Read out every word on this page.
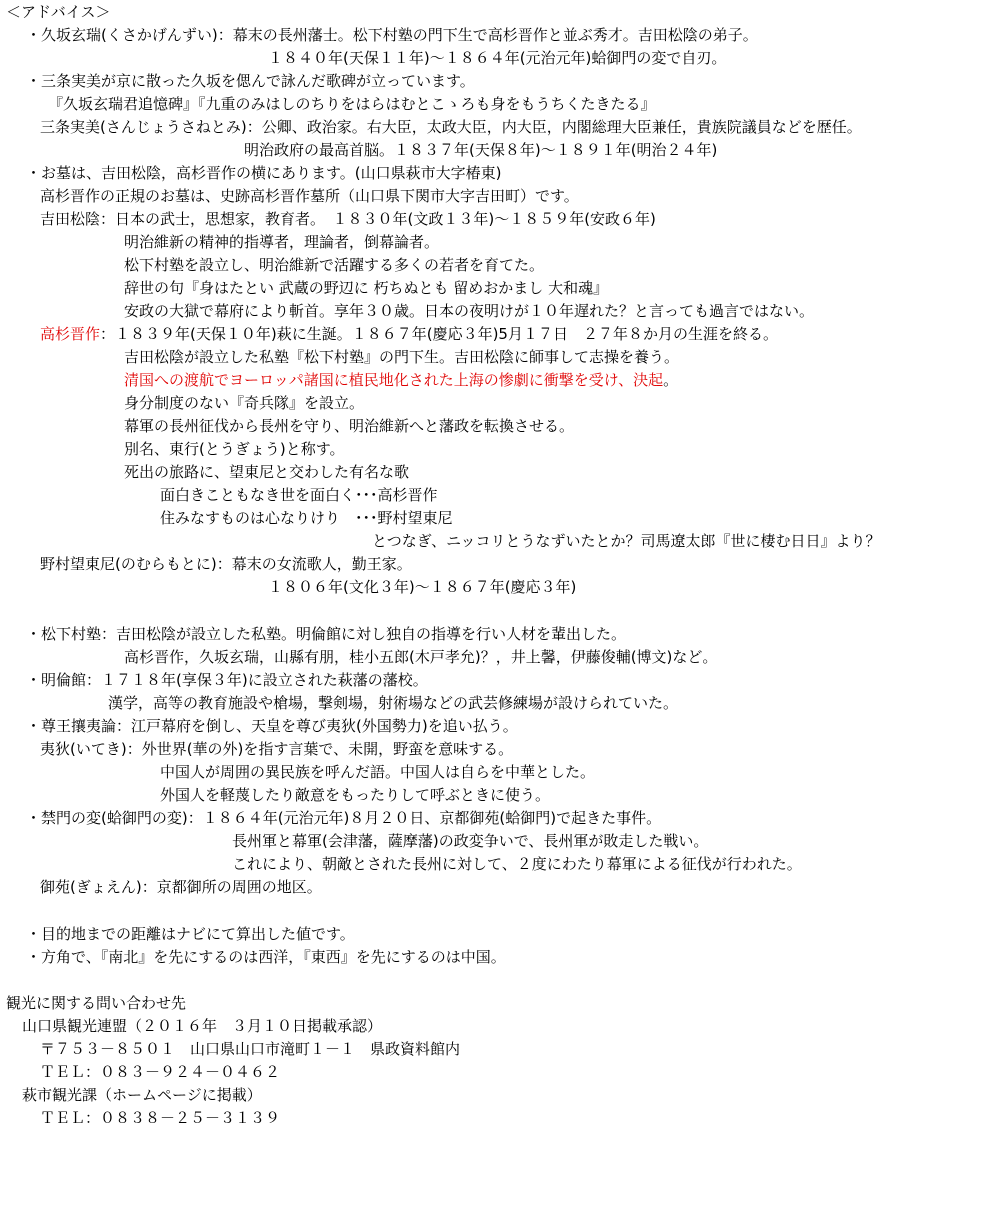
＜アドバイス＞
・久坂玄瑞(くさかげんずい)：幕末の長州藩士。松下村塾の門下生で高杉晋作と並ぶ秀才。吉田松陰の弟子。
１８４０年(天保１１年)～１８６４年(元治元年)蛤御門の変で自刃。
・三条実美が京に散った久坂を偲んで詠んだ歌碑が立っています。
『久坂玄瑞君追憶碑』『九重のみはしのちりをはらはむとこゝろも身をもうちくたきたる』
三条実美(さんじょうさねとみ)：公卿、政治家。右大臣，太政大臣，内大臣，内閣総理大臣兼任，貴族院議員などを歴任。
明治政府の最高首脳。１８３７年(天保８年)～１８９１年(明治２４年)
・お墓は、吉田松陰，高杉晋作の横にあります。(山口県萩市大字椿東)
高杉晋作の正規のお墓は、史跡高杉晋作墓所（山口県下関市大字吉田町）です。
吉田松陰：日本の武士，思想家，教育者。　１８３０年(文政１３年)～１８５９年(安政６年)
明治維新の精神的指導者，理論者，倒幕論者。
松下村塾を設立し、明治維新で活躍する多くの若者を育てた。
辞世の句『身はたとい 武蔵の野辺に 朽ちぬとも 留めおかまし 大和魂』
安政の大獄で幕府により斬首。享年３０歳。日本の夜明けが１０年遅れた？と言っても過言ではない。
高杉晋作：１８３９年(天保１０年)萩に生誕。１８６７年(慶応３年)5月１７日　２７年８か月の生涯を終る。
吉田松陰が設立した私塾『松下村塾』の門下生。吉田松陰に師事して志操を養う。
清国への渡航でヨーロッパ諸国に植民地化された上海の惨劇に衝撃を受け、決起。
身分制度のない『奇兵隊』を設立。
幕軍の長州征伐から長州を守り、明治維新へと藩政を転換させる。
別名、東行(とうぎょう)と称す。
死出の旅路に、望東尼と交わした有名な歌
面白きこともなき世を面白く･･･高杉晋作
住みなすものは心なりけり　･･･野村望東尼
とつなぎ、ニッコリとうなずいたとか？司馬遼太郎『世に棲む日日』より？
野村望東尼(のむらもとに)：幕末の女流歌人，勤王家。
１８０６年(文化３年)～１８６７年(慶応３年)
・松下村塾：吉田松陰が設立した私塾。明倫館に対し独自の指導を行い人材を輩出した。
高杉晋作，久坂玄瑞，山縣有朋，桂小五郎(木戸孝允)？，井上馨，伊藤俊輔(博文)など。
・明倫館：１７１８年(享保３年)に設立された萩藩の藩校。
漢学，高等の教育施設や槍場，撃剣場，射術場などの武芸修練場が設けられていた。
・尊王攘夷論：江戸幕府を倒し、天皇を尊び夷狄(外国勢力)を追い払う。
夷狄(いてき)：外世界(華の外)を指す言葉で、未開，野蛮を意味する。
中国人が周囲の異民族を呼んだ語。中国人は自らを中華とした。
外国人を軽蔑したり敵意をもったりして呼ぶときに使う。
・禁門の変(蛤御門の変)：１８６４年(元治元年)８月２０日、京都御苑(蛤御門)で起きた事件。
長州軍と幕軍(会津藩，薩摩藩)の政変争いで、長州軍が敗走した戦い。
これにより、朝敵とされた長州に対して、２度にわたり幕軍による征伐が行われた。
御苑(ぎょえん)：京都御所の周囲の地区。
・目的地までの距離はナビにて算出した値です。
・方角で、『南北』を先にするのは西洋，『東西』を先にするのは中国。
観光に関する問い合わせ先
山口県観光連盟（２０１６年　３月１０日掲載承認）
〒７５３－８５０１　山口県山口市滝町１－１　県政資料館内
ＴＥＬ：０８３－９２４－０４６２
萩市観光課（ホームページに掲載）
ＴＥＬ：０８３８－２５－３１３９
